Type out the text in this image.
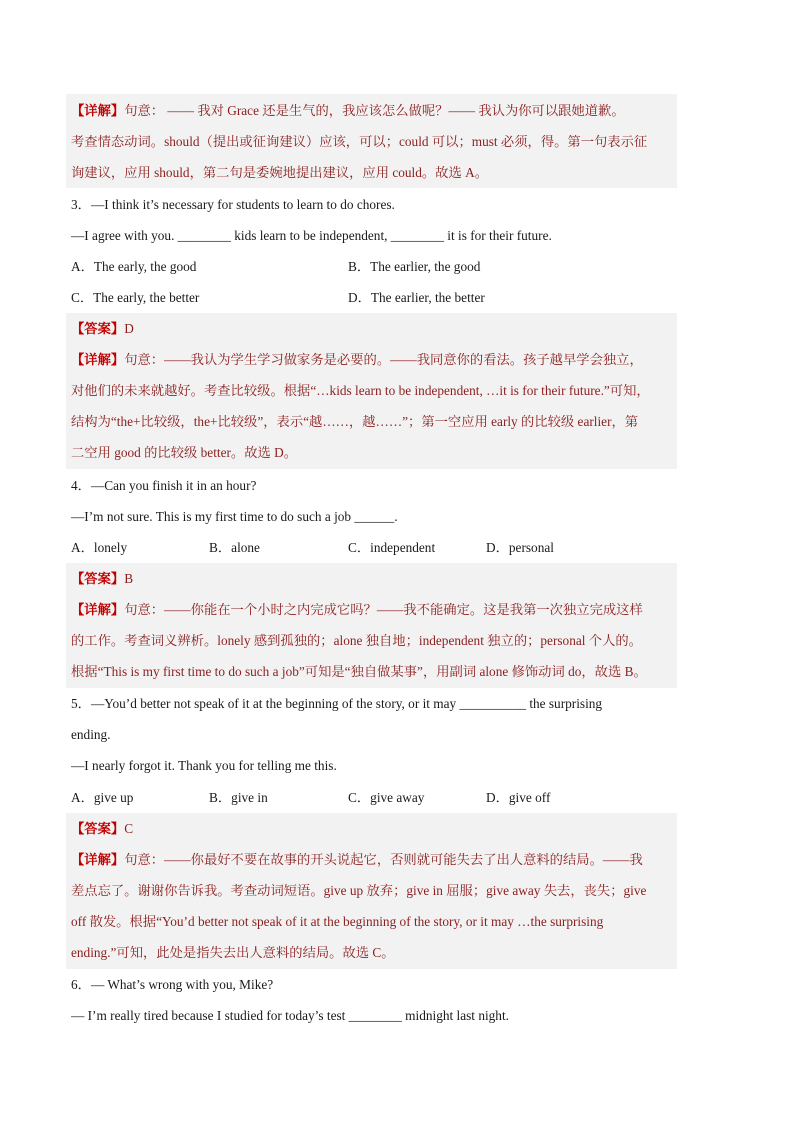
【详解】句意： —— 我对 Grace 还是生气的，我应该怎么做呢？—— 我认为你可以跟她道歉。
考查情态动词。should（提出或征询建议）应该，可以；could 可以；must 必须，得。第一句表示征
询建议，应用 should，第二句是委婉地提出建议，应用 could。故选 A。
3．—I think it’s necessary for students to learn to do chores.
—I agree with you. ________ kids learn to be independent, ________ it is for their future.
A．The early, the good	B．The earlier, the good
C．The early, the better	D．The earlier, the better
【答案】D
【详解】句意：——我认为学生学习做家务是必要的。——我同意你的看法。孩子越早学会独立，
对他们的未来就越好。考查比较级。根据“…kids learn to be independent, …it is for their future.”可知，
结构为“the+比较级，the+比较级”，表示“越……，越……”；第一空应用 early 的比较级 earlier，第
二空用 good 的比较级 better。故选 D。
4．—Can you finish it in an hour?
—I’m not sure. This is my first time to do such a job ______.
A．lonely	B．alone	C．independent	D．personal
【答案】B
【详解】句意：——你能在一个小时之内完成它吗？——我不能确定。这是我第一次独立完成这样
的工作。考查词义辨析。lonely 感到孤独的；alone 独自地；independent 独立的；personal 个人的。
根据“This is my first time to do such a job”可知是“独自做某事”，用副词 alone 修饰动词 do，故选 B。
5．—You’d better not speak of it at the beginning of the story, or it may __________ the surprising
ending.
—I nearly forgot it. Thank you for telling me this.
A．give up	B．give in	C．give away	D．give off
【答案】C
【详解】句意：——你最好不要在故事的开头说起它，否则就可能失去了出人意料的结局。——我
差点忘了。谢谢你告诉我。考查动词短语。give up 放弃；give in 屈服；give away 失去，丧失；give
off 散发。根据“You’d better not speak of it at the beginning of the story, or it may …the surprising
ending.”可知，此处是指失去出人意料的结局。故选 C。
6．— What’s wrong with you, Mike?
— I’m really tired because I studied for today’s test ________ midnight last night.
